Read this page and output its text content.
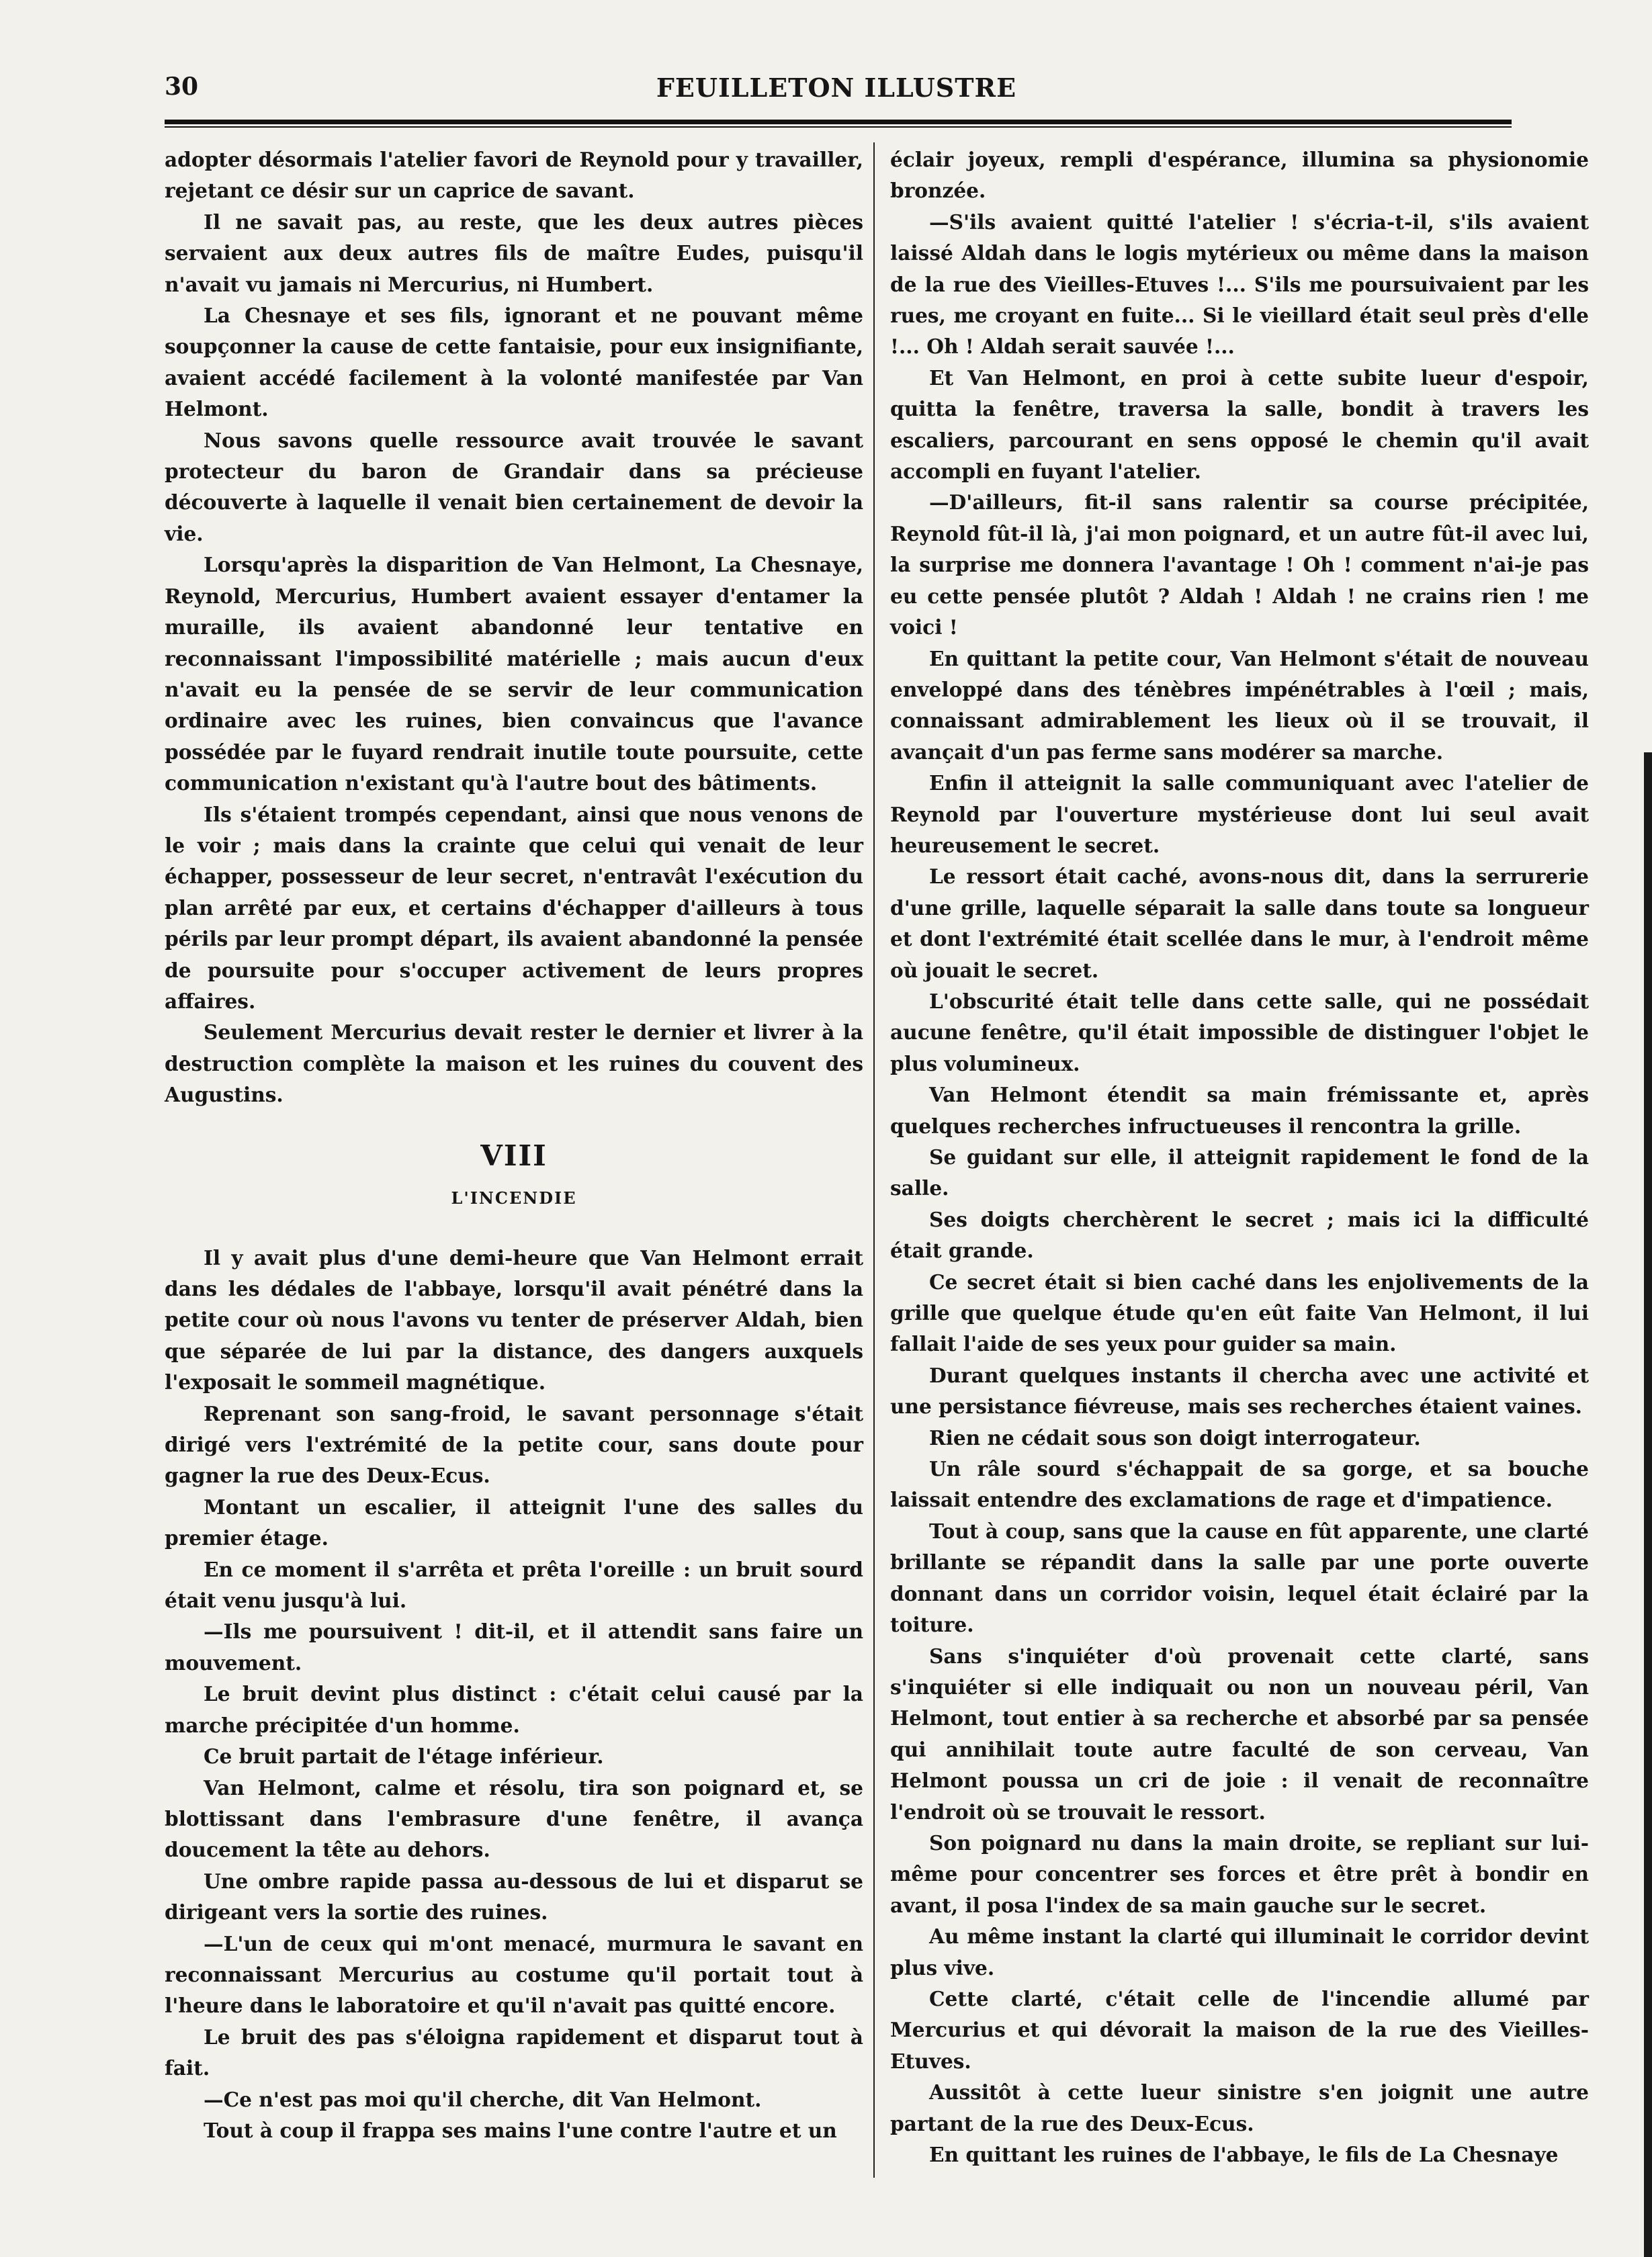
30	FEUILLETON ILLUSTRE

adopter désormais l'atelier favori de Reynold pour y travailler, rejetant ce désir sur un caprice de savant.

Il ne savait pas, au reste, que les deux autres pièces servaient aux deux autres fils de maître Eudes, puisqu'il n'avait vu jamais ni Mercurius, ni Humbert.

La Chesnaye et ses fils, ignorant et ne pouvant même soupçonner la cause de cette fantaisie, pour eux insignifiante, avaient accédé facilement à la volonté manifestée par Van Helmont.

Nous savons quelle ressource avait trouvée le savant protecteur du baron de Grandair dans sa précieuse découverte à laquelle il venait bien certainement de devoir la vie.

Lorsqu'après la disparition de Van Helmont, La Chesnaye, Reynold, Mercurius, Humbert avaient essayer d'entamer la muraille, ils avaient abandonné leur tentative en reconnaissant l'impossibilité matérielle ; mais aucun d'eux n'avait eu la pensée de se servir de leur communication ordinaire avec les ruines, bien convaincus que l'avance possédée par le fuyard rendrait inutile toute poursuite, cette communication n'existant qu'à l'autre bout des bâtiments.

Ils s'étaient trompés cependant, ainsi que nous venons de le voir ; mais dans la crainte que celui qui venait de leur échapper, possesseur de leur secret, n'entravât l'exécution du plan arrêté par eux, et certains d'échapper d'ailleurs à tous périls par leur prompt départ, ils avaient abandonné la pensée de poursuite pour s'occuper activement de leurs propres affaires.

Seulement Mercurius devait rester le dernier et livrer à la destruction complète la maison et les ruines du couvent des Augustins.

VIII
L'INCENDIE

Il y avait plus d'une demi-heure que Van Helmont errait dans les dédales de l'abbaye, lorsqu'il avait pénétré dans la petite cour où nous l'avons vu tenter de préserver Aldah, bien que séparée de lui par la distance, des dangers auxquels l'exposait le sommeil magnétique.

Reprenant son sang-froid, le savant personnage s'était dirigé vers l'extrémité de la petite cour, sans doute pour gagner la rue des Deux-Ecus.

Montant un escalier, il atteignit l'une des salles du premier étage.

En ce moment il s'arrêta et prêta l'oreille : un bruit sourd était venu jusqu'à lui.

—Ils me poursuivent ! dit-il, et il attendit sans faire un mouvement.

Le bruit devint plus distinct : c'était celui causé par la marche précipitée d'un homme.

Ce bruit partait de l'étage inférieur.

Van Helmont, calme et résolu, tira son poignard et, se blottissant dans l'embrasure d'une fenêtre, il avança doucement la tête au dehors.

Une ombre rapide passa au-dessous de lui et disparut se dirigeant vers la sortie des ruines.

—L'un de ceux qui m'ont menacé, murmura le savant en reconnaissant Mercurius au costume qu'il portait tout à l'heure dans le laboratoire et qu'il n'avait pas quitté encore.

Le bruit des pas s'éloigna rapidement et disparut tout à fait.

—Ce n'est pas moi qu'il cherche, dit Van Helmont.

Tout à coup il frappa ses mains l'une contre l'autre et un

éclair joyeux, rempli d'espérance, illumina sa physionomie bronzée.

—S'ils avaient quitté l'atelier ! s'écria-t-il, s'ils avaient laissé Aldah dans le logis mytérieux ou même dans la maison de la rue des Vieilles-Etuves !... S'ils me poursuivaient par les rues, me croyant en fuite... Si le vieillard était seul près d'elle !... Oh ! Aldah serait sauvée !...

Et Van Helmont, en proi à cette subite lueur d'espoir, quitta la fenêtre, traversa la salle, bondit à travers les escaliers, parcourant en sens opposé le chemin qu'il avait accompli en fuyant l'atelier.

—D'ailleurs, fit-il sans ralentir sa course précipitée, Reynold fût-il là, j'ai mon poignard, et un autre fût-il avec lui, la surprise me donnera l'avantage ! Oh ! comment n'ai-je pas eu cette pensée plutôt ? Aldah ! Aldah ! ne crains rien ! me voici !

En quittant la petite cour, Van Helmont s'était de nouveau enveloppé dans des ténèbres impénétrables à l'œil ; mais, connaissant admirablement les lieux où il se trouvait, il avançait d'un pas ferme sans modérer sa marche.

Enfin il atteignit la salle communiquant avec l'atelier de Reynold par l'ouverture mystérieuse dont lui seul avait heureusement le secret.

Le ressort était caché, avons-nous dit, dans la serrurerie d'une grille, laquelle séparait la salle dans toute sa longueur et dont l'extrémité était scellée dans le mur, à l'endroit même où jouait le secret.

L'obscurité était telle dans cette salle, qui ne possédait aucune fenêtre, qu'il était impossible de distinguer l'objet le plus volumineux.

Van Helmont étendit sa main frémissante et, après quelques recherches infructueuses il rencontra la grille.

Se guidant sur elle, il atteignit rapidement le fond de la salle.

Ses doigts cherchèrent le secret ; mais ici la difficulté était grande.

Ce secret était si bien caché dans les enjolivements de la grille que quelque étude qu'en eût faite Van Helmont, il lui fallait l'aide de ses yeux pour guider sa main.

Durant quelques instants il chercha avec une activité et une persistance fiévreuse, mais ses recherches étaient vaines.

Rien ne cédait sous son doigt interrogateur.

Un râle sourd s'échappait de sa gorge, et sa bouche laissait entendre des exclamations de rage et d'impatience.

Tout à coup, sans que la cause en fût apparente, une clarté brillante se répandit dans la salle par une porte ouverte donnant dans un corridor voisin, lequel était éclairé par la toiture.

Sans s'inquiéter d'où provenait cette clarté, sans s'inquiéter si elle indiquait ou non un nouveau péril, Van Helmont, tout entier à sa recherche et absorbé par sa pensée qui annihilait toute autre faculté de son cerveau, Van Helmont poussa un cri de joie : il venait de reconnaître l'endroit où se trouvait le ressort.

Son poignard nu dans la main droite, se repliant sur lui-même pour concentrer ses forces et être prêt à bondir en avant, il posa l'index de sa main gauche sur le secret.

Au même instant la clarté qui illuminait le corridor devint plus vive.

Cette clarté, c'était celle de l'incendie allumé par Mercurius et qui dévorait la maison de la rue des Vieilles-Etuves.

Aussitôt à cette lueur sinistre s'en joignit une autre partant de la rue des Deux-Ecus.

En quittant les ruines de l'abbaye, le fils de La Chesnaye
